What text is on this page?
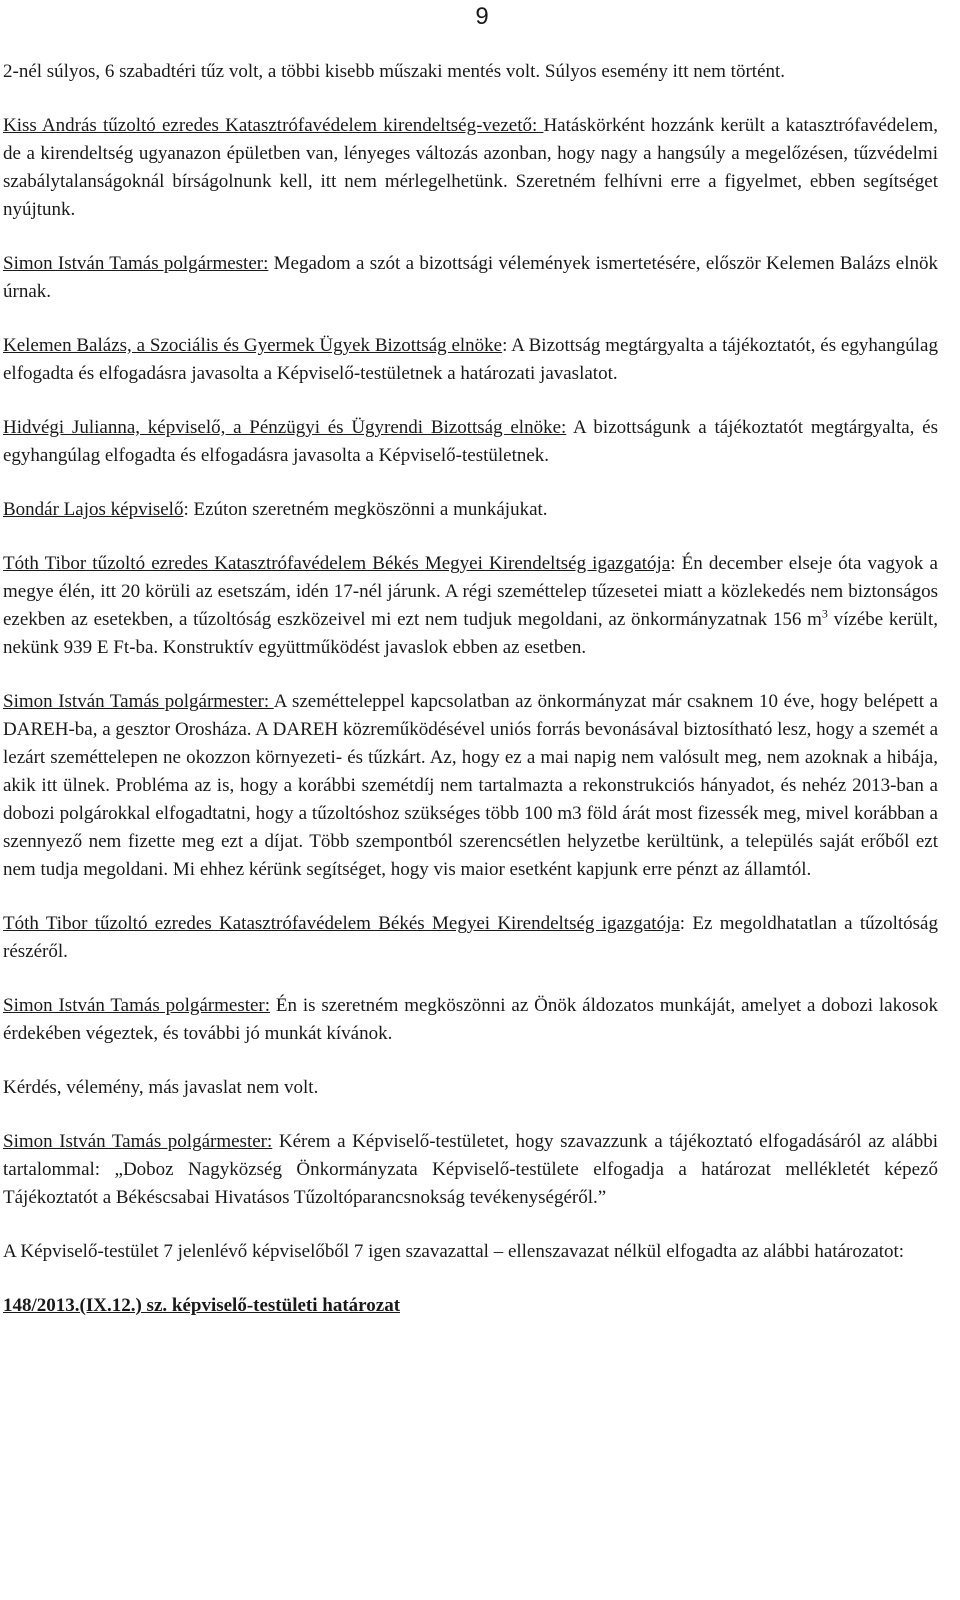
9

2-nél súlyos, 6 szabadtéri tűz volt, a többi kisebb műszaki mentés volt. Súlyos esemény itt nem történt.

Kiss András tűzoltó ezredes Katasztrófavédelem kirendeltség-vezető: Hatáskörként hozzánk került a katasztrófavédelem, de a kirendeltség ugyanazon épületben van, lényeges változás azonban, hogy nagy a hangsúly a megelőzésen, tűzvédelmi szabálytalanságoknál bírságolnunk kell, itt nem mérlegelhetünk. Szeretném felhívni erre a figyelmet, ebben segítséget nyújtunk.

Simon István Tamás polgármester: Megadom a szót a bizottsági vélemények ismertetésére, először Kelemen Balázs elnök úrnak.

Kelemen Balázs, a Szociális és Gyermek Ügyek Bizottság elnöke: A Bizottság megtárgyalta a tájékoztatót, és egyhangúlag elfogadta és elfogadásra javasolta a Képviselő-testületnek a határozati javaslatot.

Hidvégi Julianna, képviselő, a Pénzügyi és Ügyrendi Bizottság elnöke: A bizottságunk a tájékoztatót megtárgyalta, és egyhangúlag elfogadta és elfogadásra javasolta a Képviselő-testületnek.

Bondár Lajos képviselő: Ezúton szeretném megköszönni a munkájukat.

Tóth Tibor tűzoltó ezredes Katasztrófavédelem Békés Megyei Kirendeltség igazgatója: Én december elseje óta vagyok a megye élén, itt 20 körüli az esetszám, idén 17-nél járunk. A régi szeméttelep tűzesetei miatt a közlekedés nem biztonságos ezekben az esetekben, a tűzoltóság eszközeivel mi ezt nem tudjuk megoldani, az önkormányzatnak 156 $m^3$ vízébe került, nekünk 939 E Ft-ba. Konstruktív együttműködést javaslok ebben az esetben.

Simon István Tamás polgármester: A szeméttelеppel kapcsolatban az önkormányzat már csaknem 10 éve, hogy belépett a DAREH-ba, a gesztor Orosháza. A DAREH közreműködésével uniós forrás bevonásával biztosítható lesz, hogy a szemét a lezárt szeméttelepen ne okozzon környezeti- és tűzkárt. Az, hogy ez a mai napig nem valósult meg, nem azoknak a hibája, akik itt ülnek. Probléma az is, hogy a korábbi szemétdíj nem tartalmazta a rekonstrukciós hányadot, és nehéz 2013-ban a dobozi polgárokkal elfogadtatni, hogy a tűzoltóshoz szükséges több 100 m3 föld árát most fizessék meg, mivel korábban a szennyező nem fizette meg ezt a díjat. Több szempontból szerencsétlen helyzetbe kerültünk, a település saját erőből ezt nem tudja megoldani. Mi ehhez kérünk segítséget, hogy vis maior esetként kapjunk erre pénzt az államtól.

Tóth Tibor tűzoltó ezredes Katasztrófavédelem Békés Megyei Kirendeltség igazgatója: Ez megoldhatatlan a tűzoltóság részéről.

Simon István Tamás polgármester: Én is szeretném megköszönni az Önök áldozatos munkáját, amelyet a dobozi lakosok érdekében végeztek, és további jó munkát kívánok.

Kérdés, vélemény, más javaslat nem volt.

Simon István Tamás polgármester: Kérem a Képviselő-testületet, hogy szavazzunk a tájékoztató elfogadásáról az alábbi tartalommal: „Doboz Nagyközség Önkormányzata Képviselő-testülete elfogadja a határozat mellékletét képező Tájékoztatót a Békéscsabai Hivatásos Tűzoltóparancsnokság tevékenységéről.”

A Képviselő-testület 7 jelenlévő képviselőből 7 igen szavazattal – ellenszavazat nélkül elfogadta az alábbi határozatot:

148/2013.(IX.12.) sz. képviselő-testületi határozat
